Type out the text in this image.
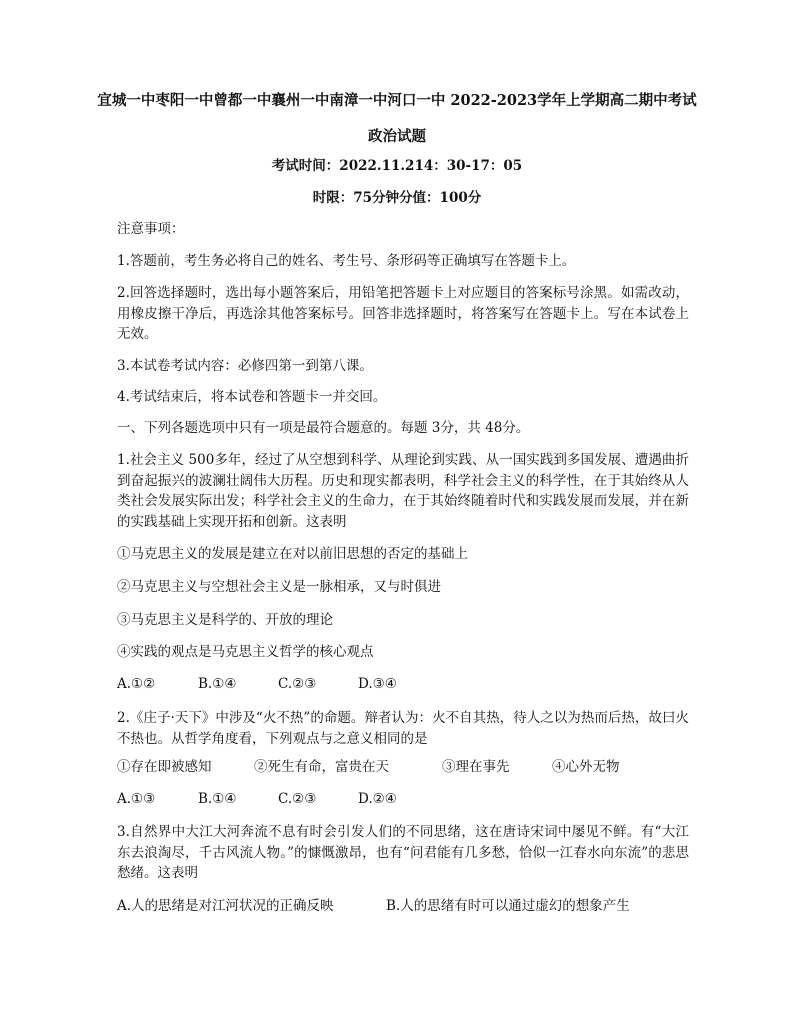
宜城一中枣阳一中曾都一中襄州一中南漳一中河口一中 2022-2023学年上学期高二期中考试
政治试题
考试时间：2022.11.214：30-17：05
时限：75分钟分值：100分
注意事项：
1.答题前，考生务必将自己的姓名、考生号、条形码等正确填写在答题卡上。
2.回答选择题时，选出每小题答案后，用铅笔把答题卡上对应题目的答案标号涂黑。如需改动，用橡皮擦干净后，再选涂其他答案标号。回答非选择题时，将答案写在答题卡上。写在本试卷上无效。
3.本试卷考试内容：必修四第一到第八课。
4.考试结束后，将本试卷和答题卡一并交回。
一、下列各题选项中只有一项是最符合题意的。每题 3分，共 48分。
1.社会主义 500多年，经过了从空想到科学、从理论到实践、从一国实践到多国发展、遭遇曲折到奋起振兴的波澜壮阔伟大历程。历史和现实都表明，科学社会主义的科学性，在于其始终从人类社会发展实际出发；科学社会主义的生命力，在于其始终随着时代和实践发展而发展，并在新的实践基础上实现开拓和创新。这表明
①马克思主义的发展是建立在对以前旧思想的否定的基础上
②马克思主义与空想社会主义是一脉相承，又与时俱进
③马克思主义是科学的、开放的理论
④实践的观点是马克思主义哲学的核心观点
A.①②	B.①④	C.②③	D.③④
2.《庄子·天下》中涉及“火不热”的命题。辩者认为：火不自其热，待人之以为热而后热，故曰火不热也。从哲学角度看，下列观点与之意义相同的是
①存在即被感知	②死生有命，富贵在天	③理在事先	④心外无物
A.①③	B.①④	C.②③	D.②④
3.自然界中大江大河奔流不息有时会引发人们的不同思绪，这在唐诗宋词中屡见不鲜。有“大江东去浪淘尽，千古风流人物。”的慷慨激昂，也有“问君能有几多愁，恰似一江春水向东流”的悲思愁绪。这表明
A.人的思绪是对江河状况的正确反映	B.人的思绪有时可以通过虚幻的想象产生
